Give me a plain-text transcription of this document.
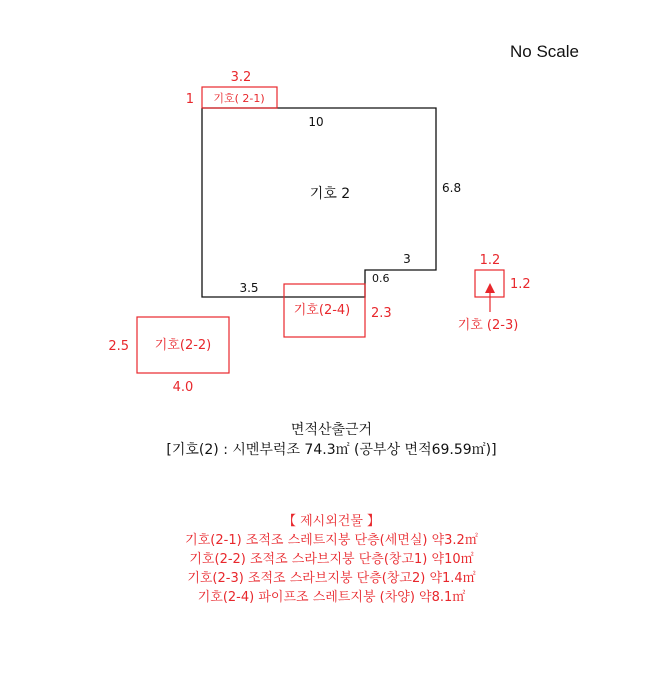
No Scale
기호 2
10
6.8
3
0.6
3.5
3.2
1 기호( 2-1)
기호(2-4) 2.3
기호(2-2)
2.5
4.0
1.2
1.2
기호 (2-3)
면적산출근거
[기호(2) : 시멘부럭조 74.3㎡ (공부상 면적69.59㎡)]
【 제시외건물 】
기호(2-1) 조적조 스레트지붕 단층(세면실) 약3.2㎡
기호(2-2) 조적조 스라브지붕 단층(창고1) 약10㎡
기호(2-3) 조적조 스라브지붕 단층(창고2) 약1.4㎡
기호(2-4) 파이프조 스레트지붕 (차양) 약8.1㎡
